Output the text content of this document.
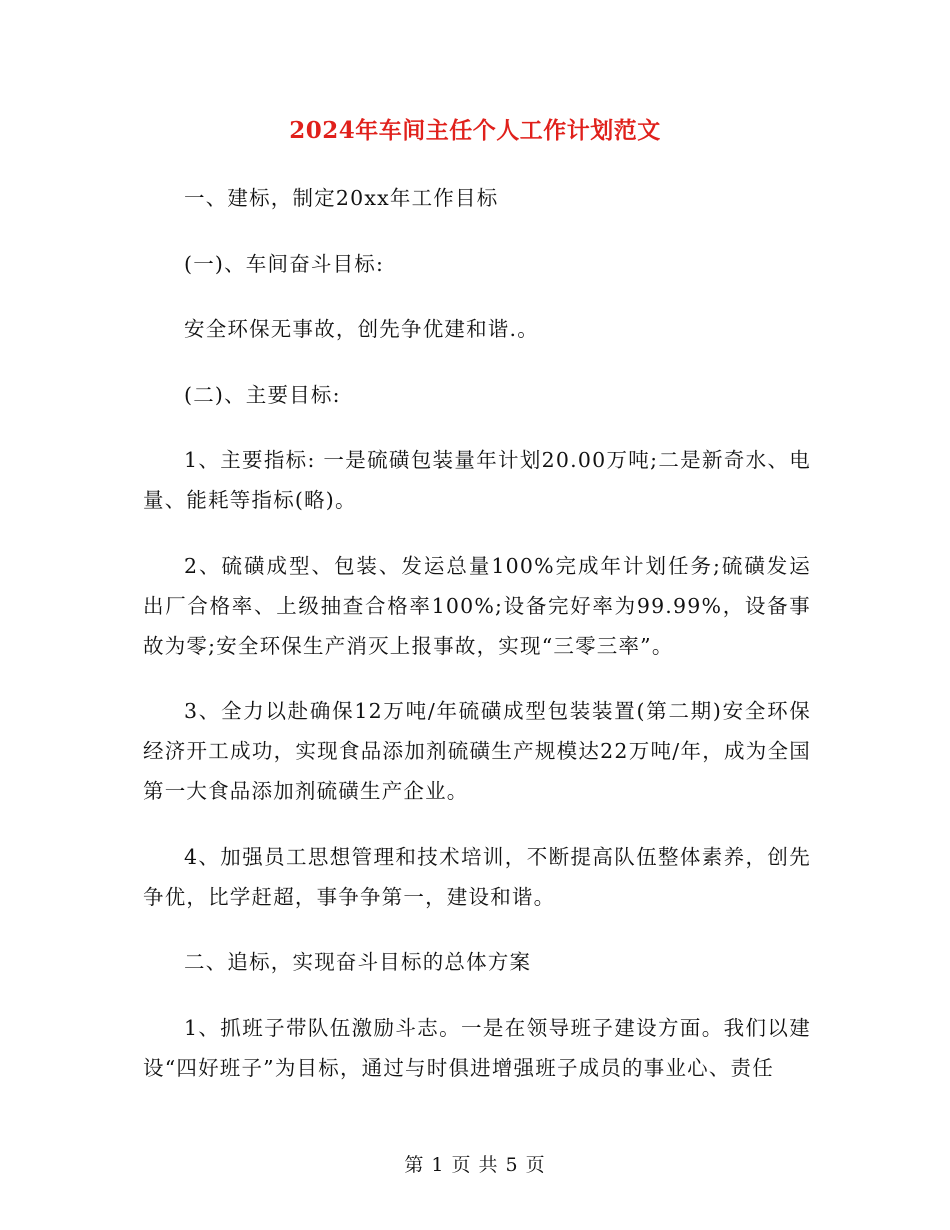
2024年车间主任个人工作计划范文

一、建标，制定20xx年工作目标

(一)、车间奋斗目标:

安全环保无事故，创先争优建和谐.。

(二)、主要目标:

1、主要指标: 一是硫磺包装量年计划20.00万吨;二是新奇水、电量、能耗等指标(略)。

2、硫磺成型、包装、发运总量100%完成年计划任务;硫磺发运出厂合格率、上级抽查合格率100%;设备完好率为99.99%，设备事故为零;安全环保生产消灭上报事故，实现“三零三率”。

3、全力以赴确保12万吨/年硫磺成型包装装置(第二期)安全环保经济开工成功，实现食品添加剂硫磺生产规模达22万吨/年，成为全国第一大食品添加剂硫磺生产企业。

4、加强员工思想管理和技术培训，不断提高队伍整体素养，创先争优，比学赶超，事争争第一，建设和谐。

二、追标，实现奋斗目标的总体方案

1、抓班子带队伍激励斗志。一是在领导班子建设方面。我们以建设“四好班子”为目标，通过与时俱进增强班子成员的事业心、责任

第 1 页 共 5 页
